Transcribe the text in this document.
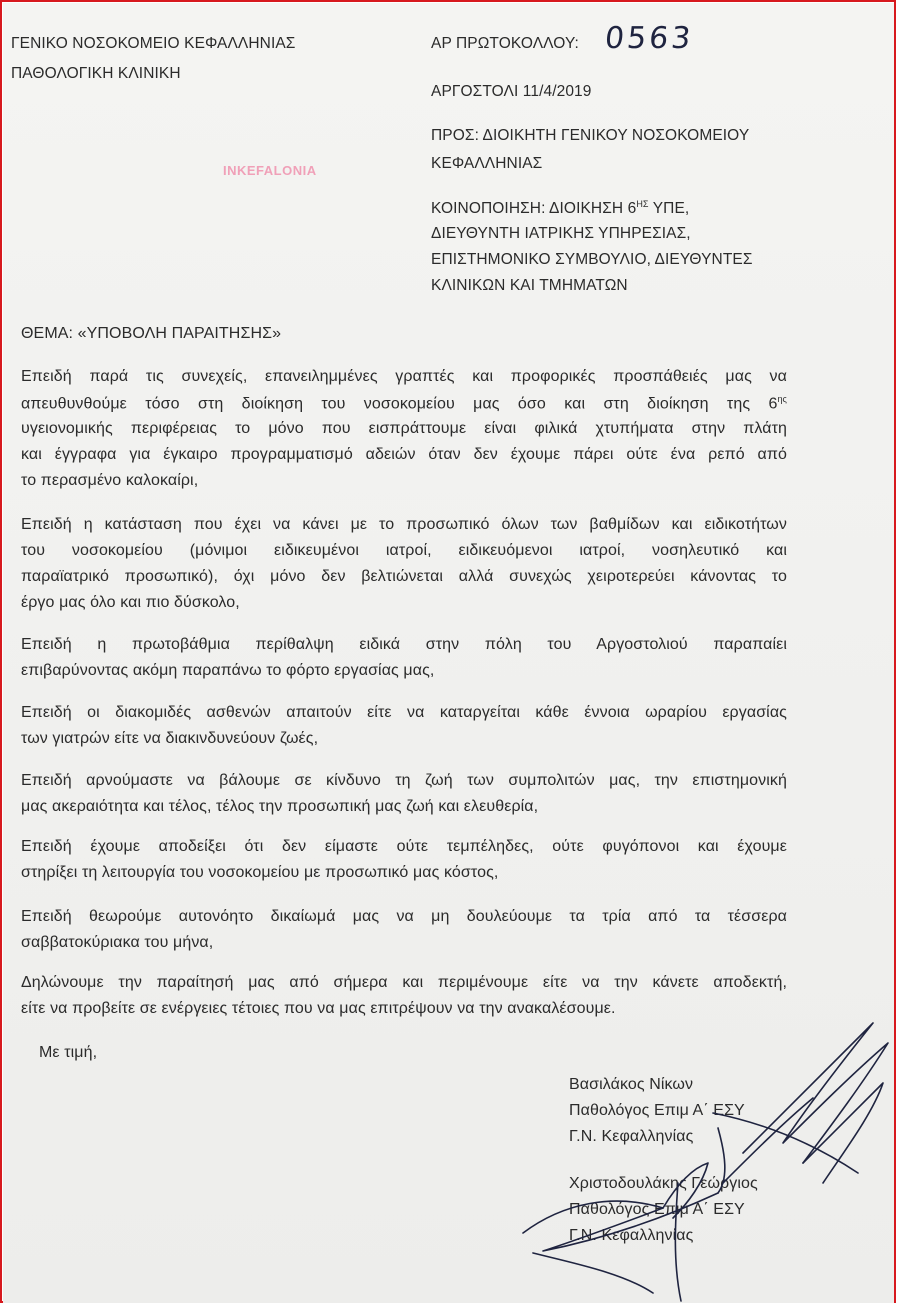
ΓΕΝΙΚΟ ΝΟΣΟΚΟΜΕΙΟ ΚΕΦΑΛΛΗΝΙΑΣ

ΠΑΘΟΛΟΓΙΚΗ ΚΛΙΝΙΚΗ

ΑΡ ΠΡΩΤΟΚΟΛΛΟΥ: 0563

ΑΡΓΟΣΤΟΛΙ 11/4/2019

ΠΡΟΣ: ΔΙΟΙΚΗΤΗ ΓΕΝΙΚΟΥ ΝΟΣΟΚΟΜΕΙΟΥ

ΚΕΦΑΛΛΗΝΙΑΣ

ΚΟΙΝΟΠΟΙΗΣΗ: ΔΙΟΙΚΗΣΗ $6^{H\Sigma}$ ΥΠΕ,

ΔΙΕΥΘΥΝΤΗ ΙΑΤΡΙΚΗΣ ΥΠΗΡΕΣΙΑΣ,

ΕΠΙΣΤΗΜΟΝΙΚΟ ΣΥΜΒΟΥΛΙΟ, ΔΙΕΥΘΥΝΤΕΣ

ΚΛΙΝΙΚΩΝ ΚΑΙ ΤΜΗΜΑΤΩΝ

INKEFALONIA

ΘΕΜΑ: «ΥΠΟΒΟΛΗ ΠΑΡΑΙΤΗΣΗΣ»

Επειδή παρά τις συνεχείς, επανειλημμένες γραπτές και προφορικές προσπάθειές μας να

απευθυνθούμε τόσο στη διοίκηση του νοσοκομείου μας όσο και στη διοίκηση της $6^{\eta\varsigma}$

υγειονομικής περιφέρειας το μόνο που εισπράττουμε είναι φιλικά χτυπήματα στην πλάτη

και έγγραφα για έγκαιρο προγραμματισμό αδειών όταν δεν έχουμε πάρει ούτε ένα ρεπό από

το περασμένο καλοκαίρι,

Επειδή η κατάσταση που έχει να κάνει με το προσωπικό όλων των βαθμίδων και ειδικοτήτων

του νοσοκομείου (μόνιμοι ειδικευμένοι ιατροί, ειδικευόμενοι ιατροί, νοσηλευτικό και

παραϊατρικό προσωπικό), όχι μόνο δεν βελτιώνεται αλλά συνεχώς χειροτερεύει κάνοντας το

έργο μας όλο και πιο δύσκολο,

Επειδή η πρωτοβάθμια περίθαλψη ειδικά στην πόλη του Αργοστολιού παραπαίει

επιβαρύνοντας ακόμη παραπάνω το φόρτο εργασίας μας,

Επειδή οι διακομιδές ασθενών απαιτούν είτε να καταργείται κάθε έννοια ωραρίου εργασίας

των γιατρών είτε να διακινδυνεύουν ζωές,

Επειδή αρνούμαστε να βάλουμε σε κίνδυνο τη ζωή των συμπολιτών μας, την επιστημονική

μας ακεραιότητα και τέλος, τέλος την προσωπική μας ζωή και ελευθερία,

Επειδή έχουμε αποδείξει ότι δεν είμαστε ούτε τεμπέληδες, ούτε φυγόπονοι και έχουμε

στηρίξει τη λειτουργία του νοσοκομείου με προσωπικό μας κόστος,

Επειδή θεωρούμε αυτονόητο δικαίωμά μας να μη δουλεύουμε τα τρία από τα τέσσερα

σαββατοκύριακα του μήνα,

Δηλώνουμε την παραίτησή μας από σήμερα και περιμένουμε είτε να την κάνετε αποδεκτή,

είτε να προβείτε σε ενέργειες τέτοιες που να μας επιτρέψουν να την ανακαλέσουμε.

Με τιμή,

Βασιλάκος Νίκων

Παθολόγος Επιμ Α΄ ΕΣΥ

Γ.Ν. Κεφαλληνίας

Χριστοδουλάκης Γεώργιος

Παθολόγος Επιμ Α΄ ΕΣΥ

Γ.Ν. Κεφαλληνίας
